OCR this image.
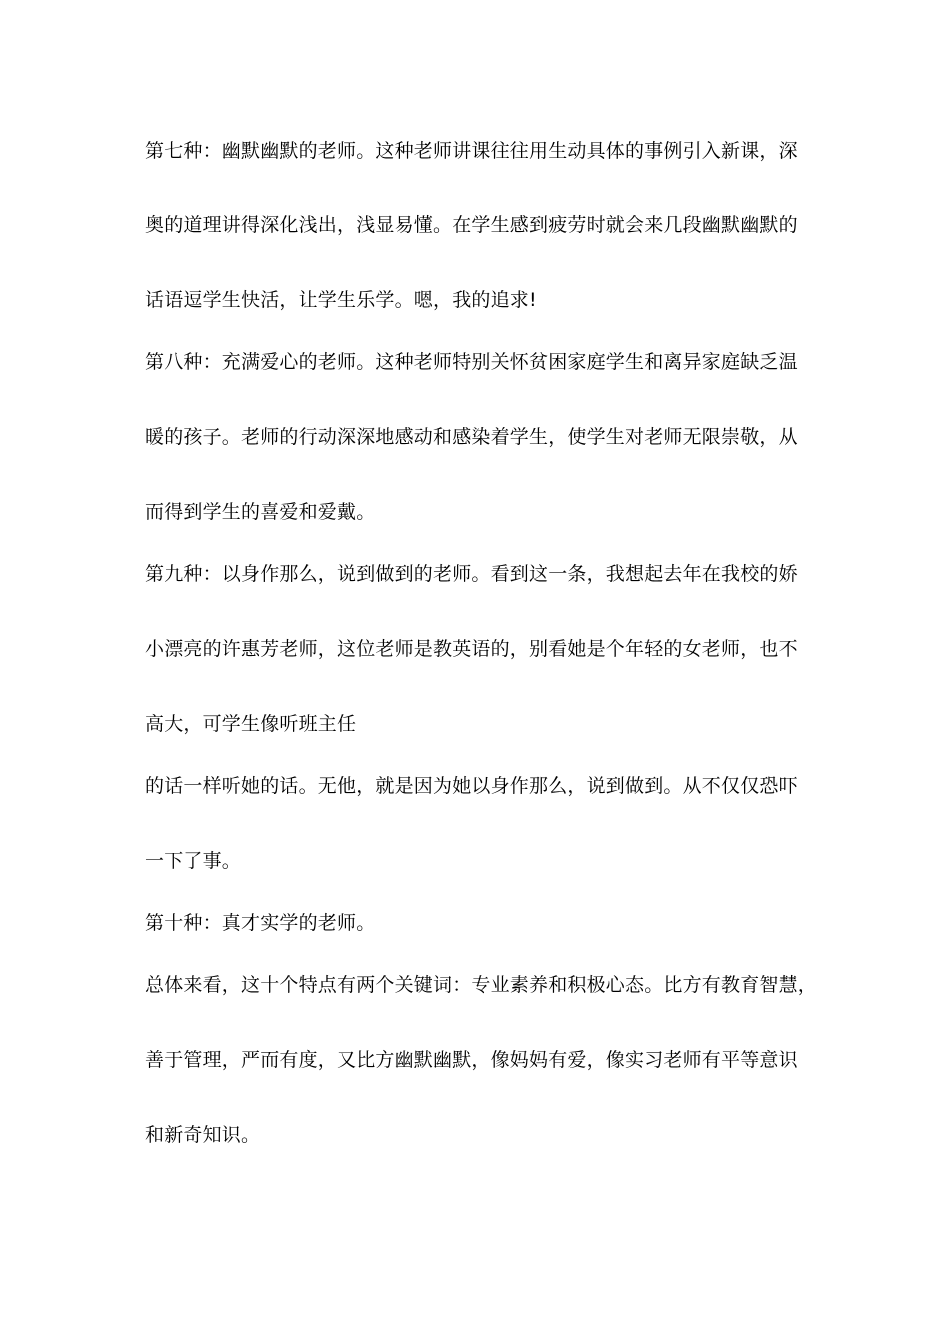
第七种：幽默幽默的老师。这种老师讲课往往用生动具体的事例引入新课，深
奥的道理讲得深化浅出，浅显易懂。在学生感到疲劳时就会来几段幽默幽默的
话语逗学生快活，让学生乐学。嗯，我的追求!
第八种：充满爱心的老师。这种老师特别关怀贫困家庭学生和离异家庭缺乏温
暖的孩子。老师的行动深深地感动和感染着学生，使学生对老师无限崇敬，从
而得到学生的喜爱和爱戴。
第九种：以身作那么，说到做到的老师。看到这一条，我想起去年在我校的娇
小漂亮的许惠芳老师，这位老师是教英语的，别看她是个年轻的女老师，也不
高大，可学生像听班主任
的话一样听她的话。无他，就是因为她以身作那么，说到做到。从不仅仅恐吓
一下了事。
第十种：真才实学的老师。
总体来看，这十个特点有两个关键词：专业素养和积极心态。比方有教育智慧，
善于管理，严而有度，又比方幽默幽默，像妈妈有爱，像实习老师有平等意识
和新奇知识。
